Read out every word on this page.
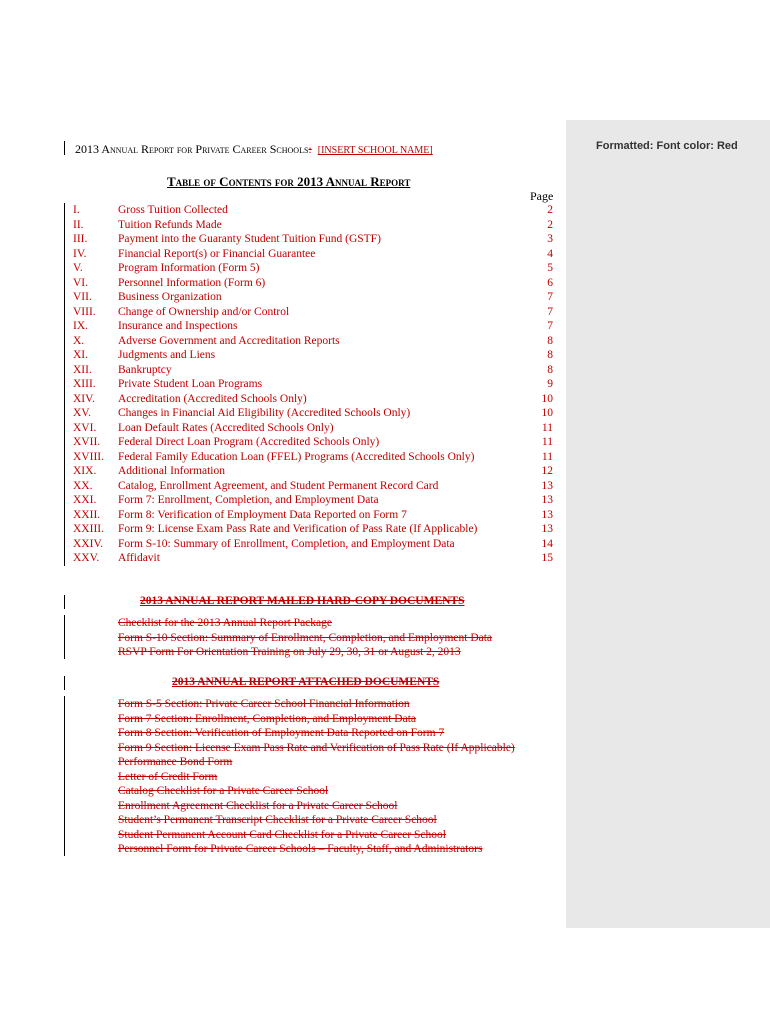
Formatted: Font color: Red
2013 Annual Report for Private Career Schools: [INSERT SCHOOL NAME]
Table of Contents for 2013 Annual Report
Page
I.	Gross Tuition Collected	2
II.	Tuition Refunds Made	2
III.	Payment into the Guaranty Student Tuition Fund (GSTF)	3
IV.	Financial Report(s) or Financial Guarantee	4
V.	Program Information (Form 5)	5
VI.	Personnel Information (Form 6)	6
VII. Business Organization	7
VIII. Change of Ownership and/or Control	7
IX.	Insurance and Inspections	7
X.	Adverse Government and Accreditation Reports	8
XI.	Judgments and Liens	8
XII. Bankruptcy	8
XIII. Private Student Loan Programs	9
XIV. Accreditation (Accredited Schools Only)	10
XV. Changes in Financial Aid Eligibility (Accredited Schools Only)	10
XVI. Loan Default Rates (Accredited Schools Only)	11
XVII. Federal Direct Loan Program (Accredited Schools Only)	11
XVIII. Federal Family Education Loan (FFEL) Programs (Accredited Schools Only)	11
XIX. Additional Information	12
XX. Catalog, Enrollment Agreement, and Student Permanent Record Card	13
XXI. Form 7: Enrollment, Completion, and Employment Data	13
XXII. Form 8: Verification of Employment Data Reported on Form 7	13
XXIII. Form 9: License Exam Pass Rate and Verification of Pass Rate (If Applicable)	13
XXIV. Form S-10: Summary of Enrollment, Completion, and Employment Data	14
XXV. Affidavit	15
2013 ANNUAL REPORT MAILED HARD-COPY DOCUMENTS
Checklist for the 2013 Annual Report Package
Form S-10 Section: Summary of Enrollment, Completion, and Employment Data
RSVP Form For Orientation Training on July 29, 30, 31 or August 2, 2013
2013 ANNUAL REPORT ATTACHED DOCUMENTS
Form S-5 Section: Private Career School Financial Information
Form 7 Section: Enrollment, Completion, and Employment Data
Form 8 Section: Verification of Employment Data Reported on Form 7
Form 9 Section: License Exam Pass Rate and Verification of Pass Rate (If Applicable)
Performance Bond Form
Letter of Credit Form
Catalog Checklist for a Private Career School
Enrollment Agreement Checklist for a Private Career School
Student’s Permanent Transcript Checklist for a Private Career School
Student Permanent Account Card Checklist for a Private Career School
Personnel Form for Private Career Schools – Faculty, Staff, and Administrators
